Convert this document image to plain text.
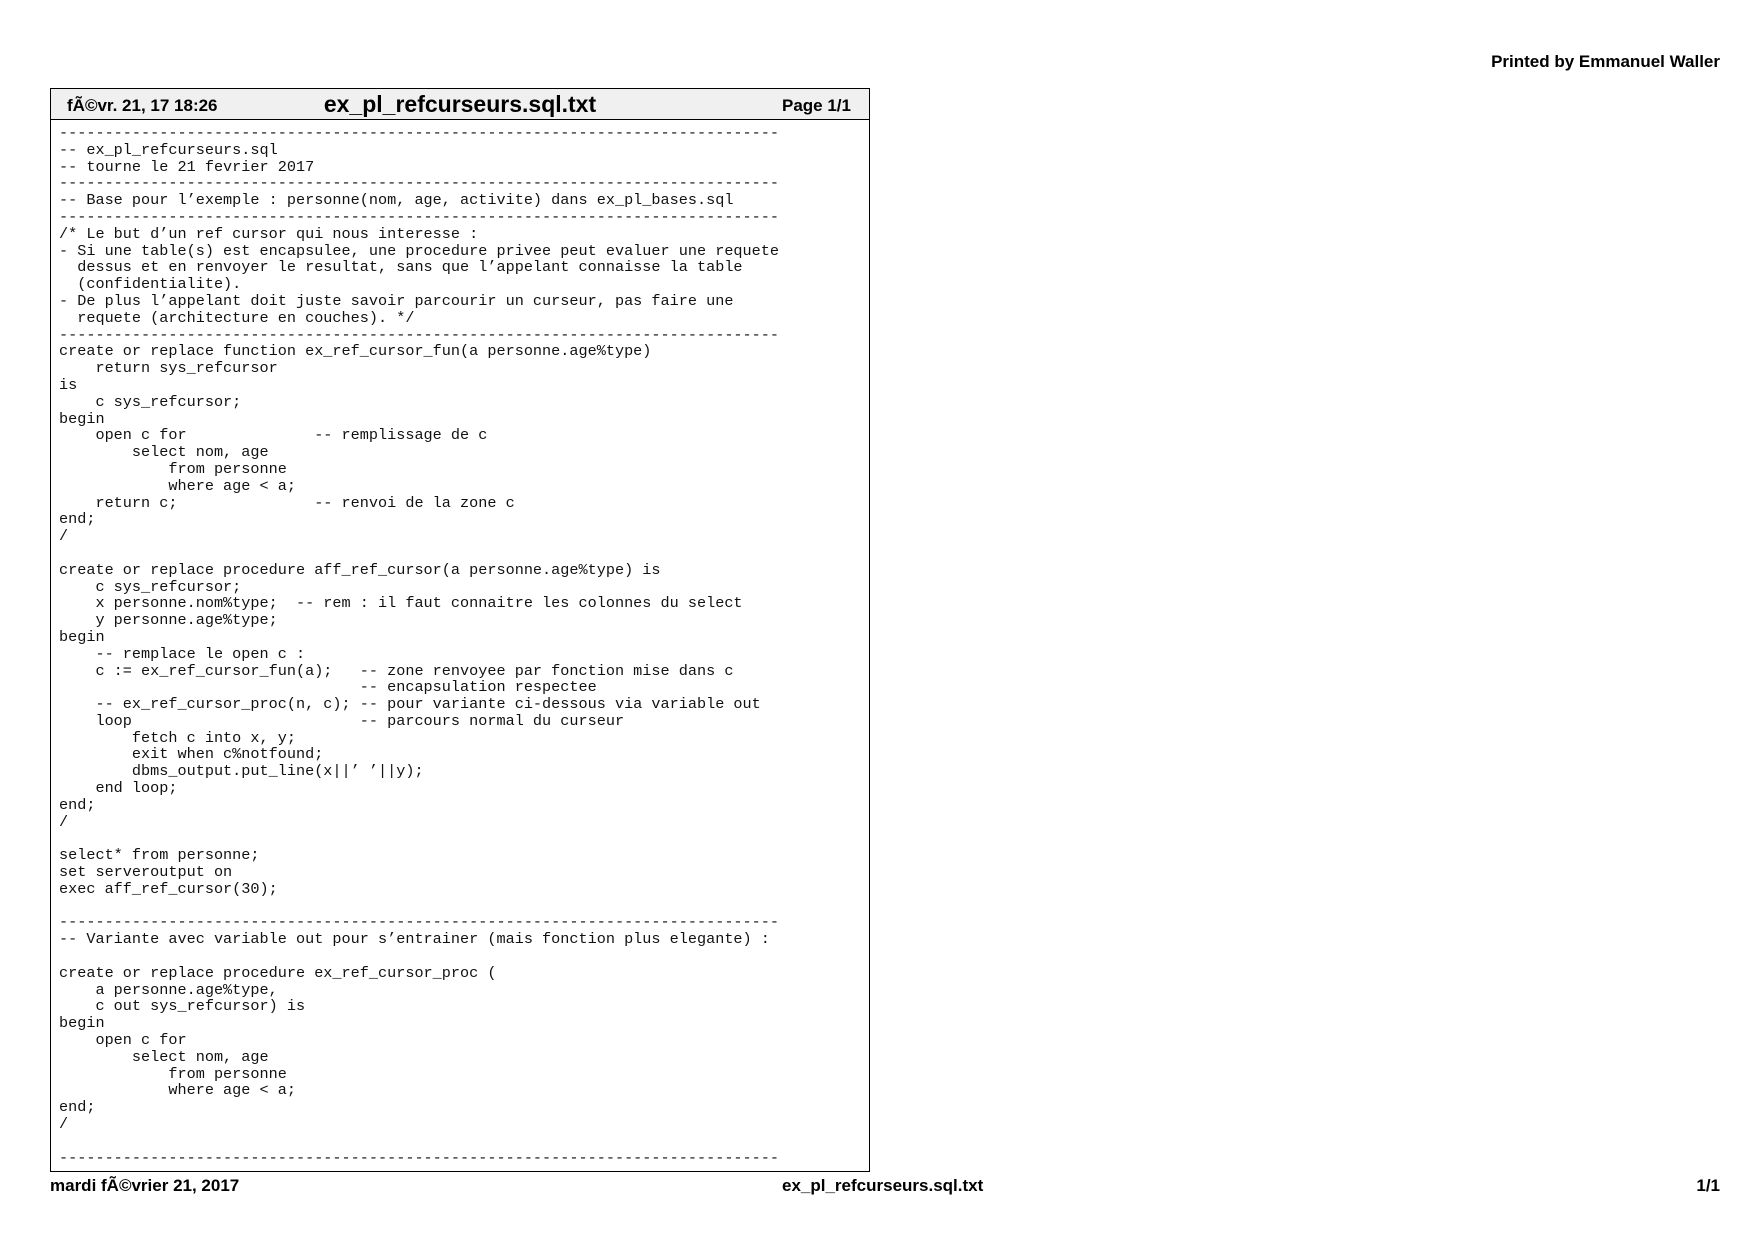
Printed by Emmanuel Waller
fÃ©vr. 21, 17 18:26	ex_pl_refcurseurs.sql.txt	Page 1/1
-------------------------------------------------------------------------------
-- ex_pl_refcurseurs.sql
-- tourne le 21 fevrier 2017
-------------------------------------------------------------------------------
-- Base pour l’exemple : personne(nom, age, activite) dans ex_pl_bases.sql
-------------------------------------------------------------------------------
/* Le but d’un ref cursor qui nous interesse :
- Si une table(s) est encapsulee, une procedure privee peut evaluer une requete
dessus et en renvoyer le resultat, sans que l’appelant connaisse la table
(confidentialite).
- De plus l’appelant doit juste savoir parcourir un curseur, pas faire une
requete (architecture en couches). */
-------------------------------------------------------------------------------
create or replace function ex_ref_cursor_fun(a personne.age%type)
return sys_refcursor
is
c sys_refcursor;
begin
open c for              -- remplissage de c
select nom, age
from personne
where age < a;
return c;               -- renvoi de la zone c
end;
/

create or replace procedure aff_ref_cursor(a personne.age%type) is
c sys_refcursor;
x personne.nom%type;  -- rem : il faut connaitre les colonnes du select
y personne.age%type;
begin
-- remplace le open c :
c := ex_ref_cursor_fun(a);   -- zone renvoyee par fonction mise dans c
-- encapsulation respectee
-- ex_ref_cursor_proc(n, c); -- pour variante ci-dessous via variable out
loop                         -- parcours normal du curseur
fetch c into x, y;
exit when c%notfound;
dbms_output.put_line(x||’ ’||y);
end loop;
end;
/

select* from personne;
set serveroutput on
exec aff_ref_cursor(30);

-------------------------------------------------------------------------------
-- Variante avec variable out pour s’entrainer (mais fonction plus elegante) :

create or replace procedure ex_ref_cursor_proc (
a personne.age%type,
c out sys_refcursor) is
begin
open c for
select nom, age
from personne
where age < a;
end;
/

-------------------------------------------------------------------------------
mardi fÃ©vrier 21, 2017	ex_pl_refcurseurs.sql.txt	1/1
